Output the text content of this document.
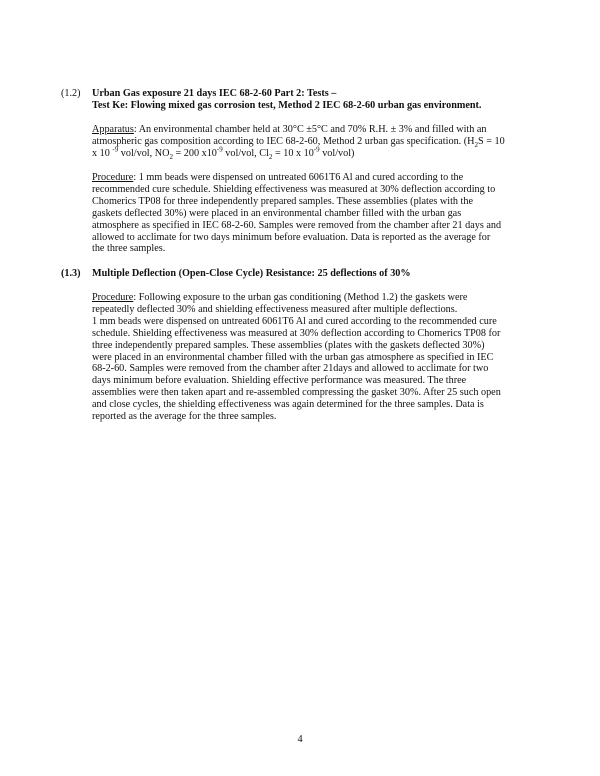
(1.2) Urban Gas exposure 21 days IEC 68-2-60 Part 2: Tests –
Test Ke: Flowing mixed gas corrosion test, Method 2 IEC 68-2-60 urban gas environment.
Apparatus: An environmental chamber held at 30°C ±5°C and 70% R.H. ± 3% and filled with an
atmospheric gas composition according to IEC 68-2-60, Method 2 urban gas specification. ($H_2S = 10$
x 10 $^{-9}$ vol/vol, $NO_2 = 200$ $x10^{-9}$ vol/vol, $Cl_2 = 10$ x $10^{-9}$ vol/vol)
Procedure: 1 mm beads were dispensed on untreated 6061T6 Al and cured according to the
recommended cure schedule. Shielding effectiveness was measured at 30% deflection according to
Chomerics TP08 for three independently prepared samples. These assemblies (plates with the
gaskets deflected 30%) were placed in an environmental chamber filled with the urban gas
atmosphere as specified in IEC 68-2-60. Samples were removed from the chamber after 21 days and
allowed to acclimate for two days minimum before evaluation. Data is reported as the average for
the three samples.
(1.3) Multiple Deflection (Open-Close Cycle) Resistance: 25 deflections of 30%
Procedure: Following exposure to the urban gas conditioning (Method 1.2) the gaskets were
repeatedly deflected 30% and shielding effectiveness measured after multiple deflections.
1 mm beads were dispensed on untreated 6061T6 Al and cured according to the recommended cure
schedule. Shielding effectiveness was measured at 30% deflection according to Chomerics TP08 for
three independently prepared samples. These assemblies (plates with the gaskets deflected 30%)
were placed in an environmental chamber filled with the urban gas atmosphere as specified in IEC
68-2-60. Samples were removed from the chamber after 21days and allowed to acclimate for two
days minimum before evaluation. Shielding effective performance was measured. The three
assemblies were then taken apart and re-assembled compressing the gasket 30%. After 25 such open
and close cycles, the shielding effectiveness was again determined for the three samples. Data is
reported as the average for the three samples.
4
